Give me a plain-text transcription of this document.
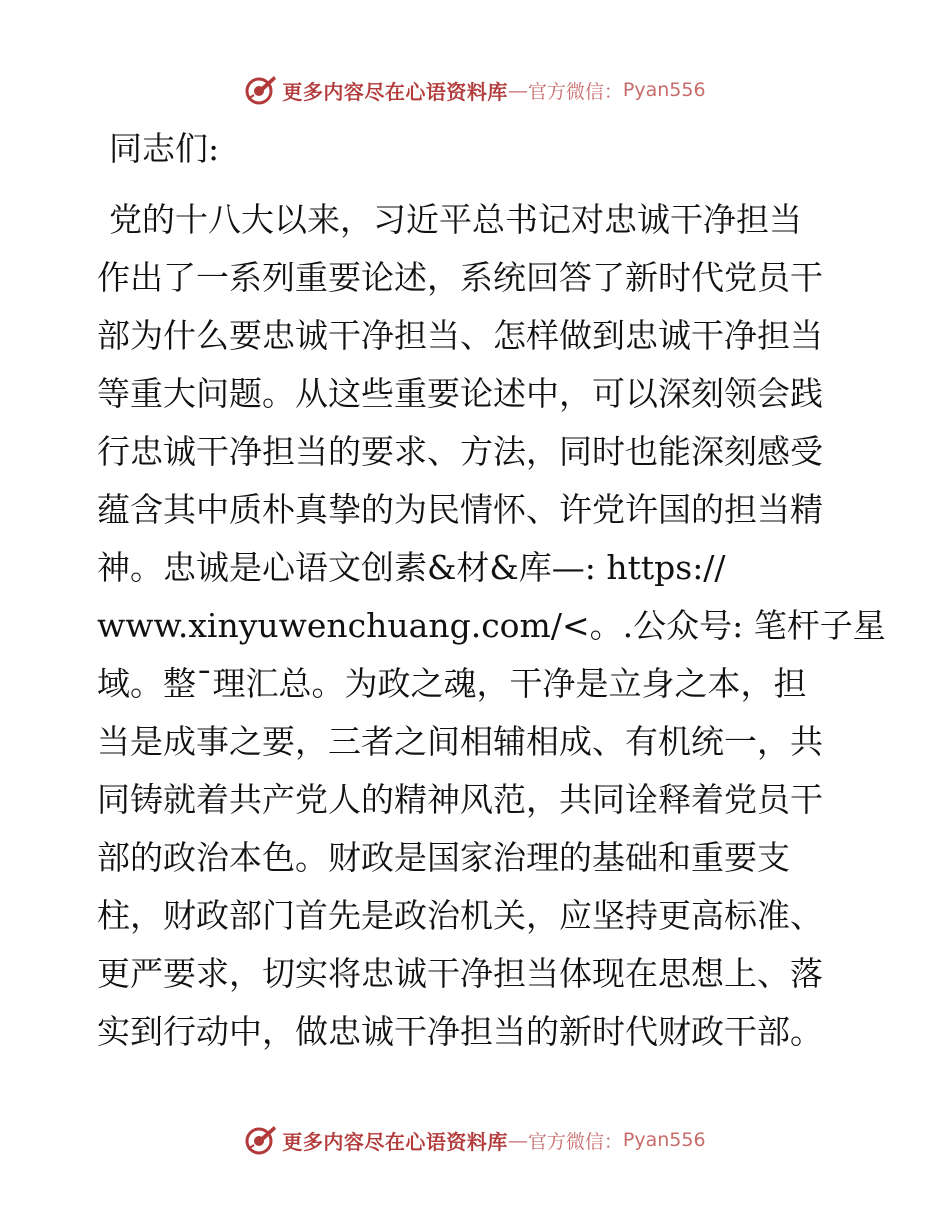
更多内容尽在心语资料库 — 官方微信： Pyan556
同志们:
党的十八大以来，习近平总书记对忠诚干净担当
作出了一系列重要论述，系统回答了新时代党员干
部为什么要忠诚干净担当、怎样做到忠诚干净担当
等重大问题。从这些重要论述中，可以深刻领会践
行忠诚干净担当的要求、方法，同时也能深刻感受
蕴含其中质朴真挚的为民情怀、许党许国的担当精
神。忠诚是心语文创素&材&库—: https://
www.xinyuwenchuang.com/<。.公众号: 笔杆子星
域。整¯理汇总。为政之魂，干净是立身之本，担
当是成事之要，三者之间相辅相成、有机统一，共
同铸就着共产党人的精神风范，共同诠释着党员干
部的政治本色。财政是国家治理的基础和重要支
柱，财政部门首先是政治机关，应坚持更高标准、
更严要求，切实将忠诚干净担当体现在思想上、落
实到行动中，做忠诚干净担当的新时代财政干部。
更多内容尽在心语资料库 — 官方微信： Pyan556
